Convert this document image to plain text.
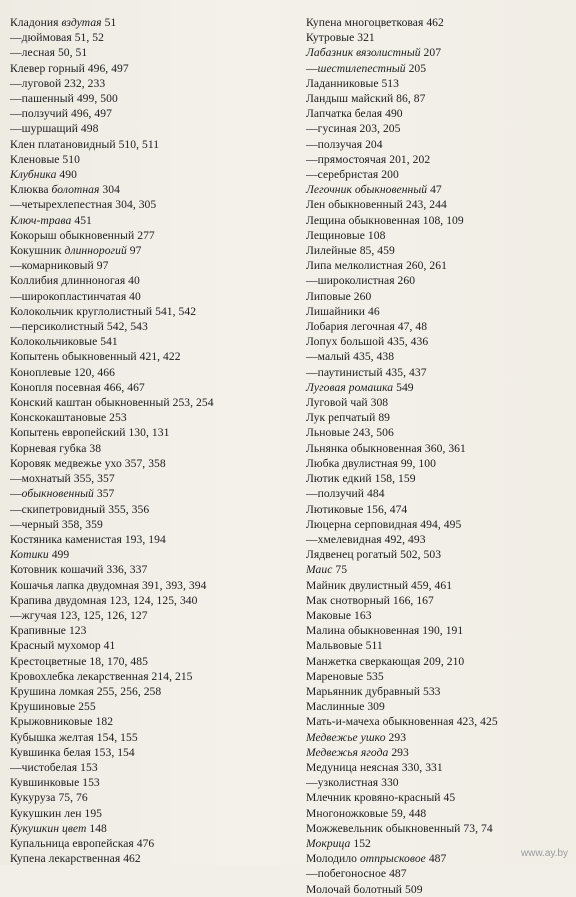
Кладония вздутая 51
—дюймовая 51, 52
—лесная 50, 51
Клевер горный 496, 497
—луговой 232, 233
—пашенный 499, 500
—ползучий 496, 497
—шуршащий 498
Клен платановидный 510, 511
Кленовые 510
Клубника 490
Клюква болотная 304
—четырехлепестная 304, 305
Ключ-трава 451
Кокорыш обыкновенный 277
Кокушник длиннорогий 97
—комарниковый 97
Коллибия длинноногая 40
—широкопластинчатая 40
Колокольчик круглолистный 541, 542
—персиколистный 542, 543
Колокольчиковые 541
Копытень обыкновенный 421, 422
Коноплевые 120, 466
Конопля посевная 466, 467
Конский каштан обыкновенный 253, 254
Конскокаштановые 253
Копытень европейский 130, 131
Корневая губка 38
Коровяк медвежье ухо 357, 358
—мохнатый 355, 357
—обыкновенный 357
—скипетровидный 355, 356
—черный 358, 359
Костяника каменистая 193, 194
Котики 499
Котовник кошачий 336, 337
Кошачья лапка двудомная 391, 393, 394
Крапива двудомная 123, 124, 125, 340
—жгучая 123, 125, 126, 127
Крапивные 123
Красный мухомор 41
Крестоцветные 18, 170, 485
Кровохлебка лекарственная 214, 215
Крушина ломкая 255, 256, 258
Крушиновые 255
Крыжовниковые 182
Кубышка желтая 154, 155
Кувшинка белая 153, 154
—чистобелая 153
Кувшинковые 153
Кукуруза 75, 76
Кукушкин лен 195
Кукушкин цвет 148
Купальница европейская 476
Купена лекарственная 462
Купена многоцветковая 462
Кутровые 321
Лабазник вязолистный 207
—шестилепестный 205
Ладанниковые 513
Ландыш майский 86, 87
Лапчатка белая 490
—гусиная 203, 205
—ползучая 204
—прямостоячая 201, 202
—серебристая 200
Легочник обыкновенный 47
Лен обыкновенный 243, 244
Лещина обыкновенная 108, 109
Лещиновые 108
Лилейные 85, 459
Липа мелколистная 260, 261
—широколистная 260
Липовые 260
Лишайники 46
Лобария легочная 47, 48
Лопух большой 435, 436
—малый 435, 438
—паутинистый 435, 437
Луговая ромашка 549
Луговой чай 308
Лук репчатый 89
Льновые 243, 506
Льнянка обыкновенная 360, 361
Любка двулистная 99, 100
Лютик едкий 158, 159
—ползучий 484
Лютиковые 156, 474
Люцерна серповидная 494, 495
—хмелевидная 492, 493
Лядвенец рогатый 502, 503
Маис 75
Майник двулистный 459, 461
Мак снотворный 166, 167
Маковые 163
Малина обыкновенная 190, 191
Мальвовые 511
Манжетка сверкающая 209, 210
Мареновые 535
Марьянник дубравный 533
Маслинные 309
Мать-и-мачеха обыкновенная 423, 425
Медвежье ушко 293
Медвежья ягода 293
Медуница неясная 330, 331
—узколистная 330
Млечник кровяно-красный 45
Многоножковые 59, 448
Можжевельник обыкновенный 73, 74
Мокрица 152
Молодило отпрысковое 487
—побегоносное 487
Молочай болотный 509
www.ay.by
